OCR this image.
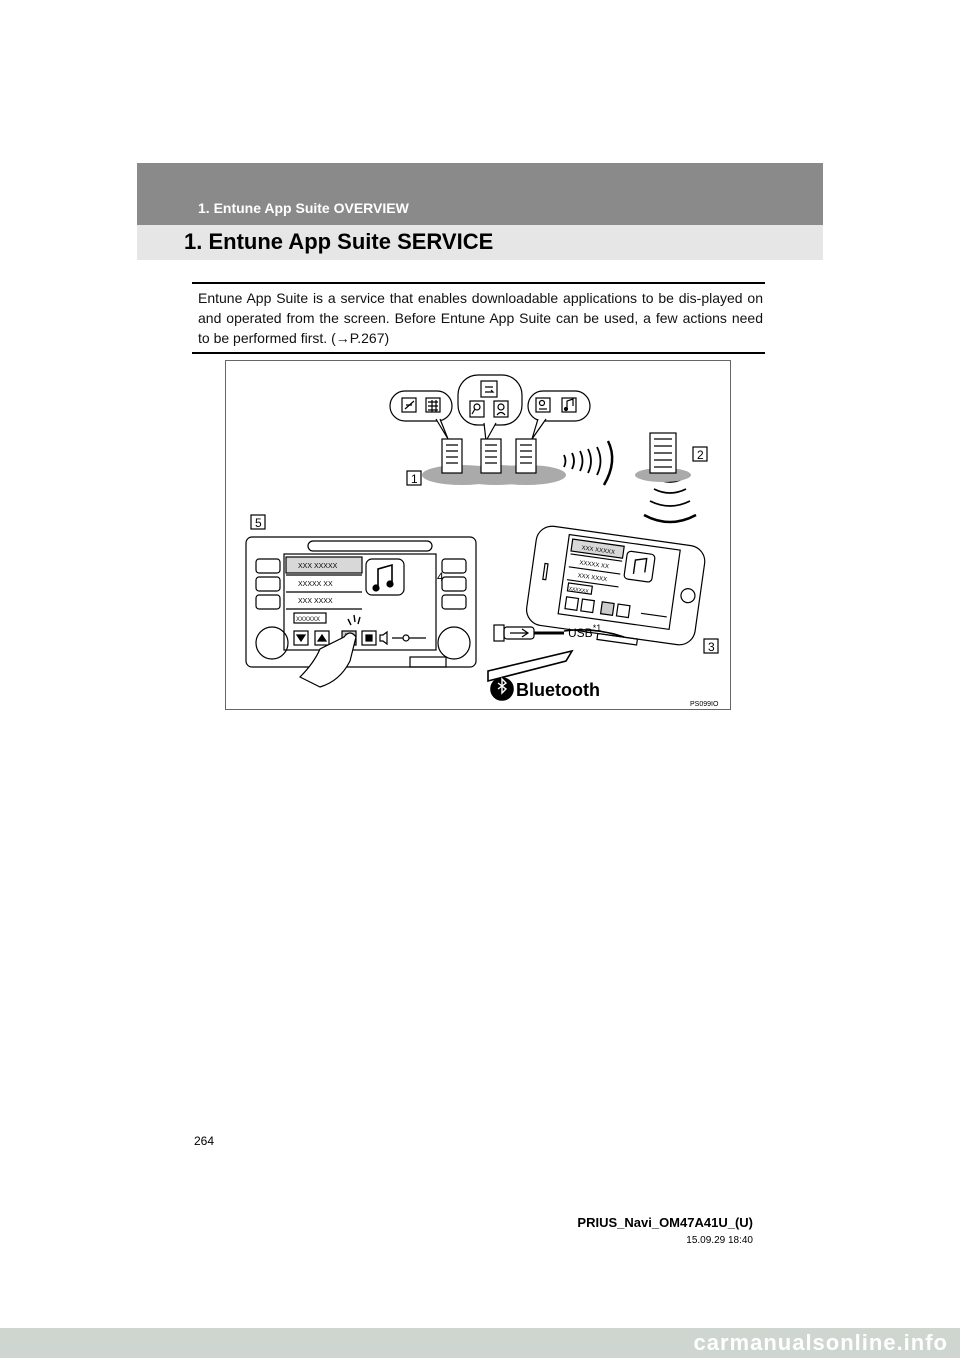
1. Entune App Suite OVERVIEW
1. Entune App Suite SERVICE
Entune App Suite is a service that enables downloadable applications to be dis-played on and operated from the screen. Before Entune App Suite can be used, a few actions need to be performed first. (→P.267)
1
2
3
4
5
XXX XXXXX
XXXXX XX
XXX XXXX
XXXXXX
XXX XXXXX
XXXXX XX
XXX XXXX
XXXXXX
USB$^{*1}$
Bluetooth
PS099IO
264
PRIUS_Navi_OM47A41U_(U)
15.09.29 18:40
carmanualsonline.info
